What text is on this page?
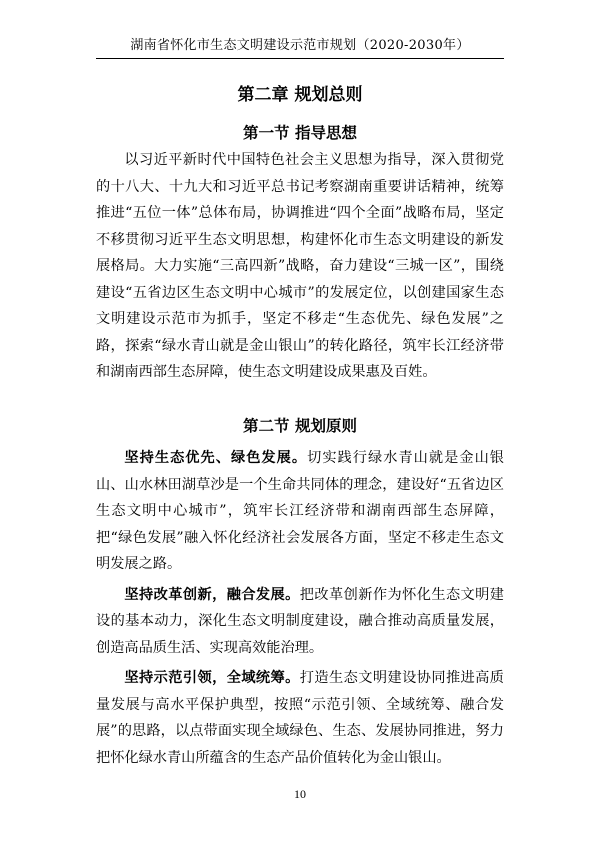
湖南省怀化市生态文明建设示范市规划（2020-2030年）
第二章 规划总则
第一节 指导思想

以习近平新时代中国特色社会主义思想为指导，深入贯彻党的十八大、十九大和习近平总书记考察湖南重要讲话精神，统筹推进“五位一体”总体布局，协调推进“四个全面”战略布局，坚定不移贯彻习近平生态文明思想，构建怀化市生态文明建设的新发展格局。大力实施“三高四新”战略，奋力建设“三城一区”，围绕建设“五省边区生态文明中心城市”的发展定位，以创建国家生态文明建设示范市为抓手，坚定不移走“生态优先、绿色发展”之路，探索“绿水青山就是金山银山”的转化路径，筑牢长江经济带和湖南西部生态屏障，使生态文明建设成果惠及百姓。

第二节 规划原则

坚持生态优先、绿色发展。切实践行绿水青山就是金山银山、山水林田湖草沙是一个生命共同体的理念，建设好“五省边区生态文明中心城市”，筑牢长江经济带和湖南西部生态屏障，把“绿色发展”融入怀化经济社会发展各方面，坚定不移走生态文明发展之路。

坚持改革创新，融合发展。把改革创新作为怀化生态文明建设的基本动力，深化生态文明制度建设，融合推动高质量发展，创造高品质生活、实现高效能治理。

坚持示范引领，全域统筹。打造生态文明建设协同推进高质量发展与高水平保护典型，按照“示范引领、全域统筹、融合发展”的思路，以点带面实现全域绿色、生态、发展协同推进，努力把怀化绿水青山所蕴含的生态产品价值转化为金山银山。

10
